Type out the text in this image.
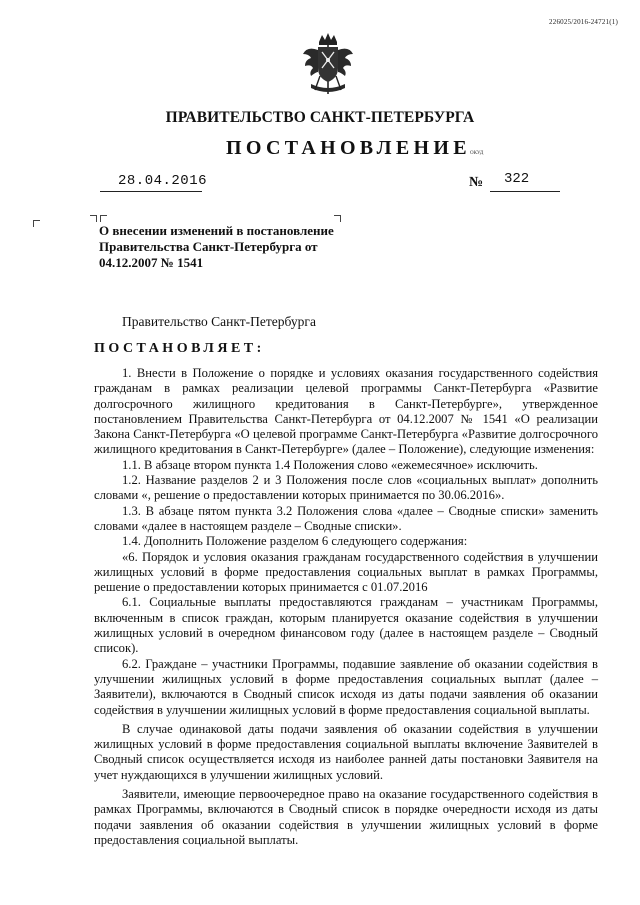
226025/2016-24721(1)
ПРАВИТЕЛЬСТВО САНКТ-ПЕТЕРБУРГА
ПОСТАНОВЛЕНИЕ ОКУД
28.04.2016	№ 322
О внесении изменений в постановление Правительства Санкт-Петербурга от 04.12.2007 № 1541
Правительство Санкт-Петербурга
ПОСТАНОВЛЯЕТ:

1. Внести в Положение о порядке и условиях оказания государственного содействия гражданам в рамках реализации целевой программы Санкт-Петербурга «Развитие долгосрочного жилищного кредитования в Санкт-Петербурге», утвержденное постановлением Правительства Санкт-Петербурга от 04.12.2007 № 1541 «О реализации Закона Санкт-Петербурга «О целевой программе Санкт-Петербурга «Развитие долгосрочного жилищного кредитования в Санкт-Петербурге» (далее – Положение), следующие изменения:

1.1. В абзаце втором пункта 1.4 Положения слово «ежемесячное» исключить.

1.2. Название разделов 2 и 3 Положения после слов «социальных выплат» дополнить словами «, решение о предоставлении которых принимается по 30.06.2016».

1.3. В абзаце пятом пункта 3.2 Положения слова «далее – Сводные списки» заменить словами «далее в настоящем разделе – Сводные списки».

1.4. Дополнить Положение разделом 6 следующего содержания:

«6. Порядок и условия оказания гражданам государственного содействия в улучшении жилищных условий в форме предоставления социальных выплат в рамках Программы, решение о предоставлении которых принимается с 01.07.2016

6.1. Социальные выплаты предоставляются гражданам – участникам Программы, включенным в список граждан, которым планируется оказание содействия в улучшении жилищных условий в очередном финансовом году (далее в настоящем разделе – Сводный список).

6.2. Граждане – участники Программы, подавшие заявление об оказании содействия в улучшении жилищных условий в форме предоставления социальных выплат (далее – Заявители), включаются в Сводный список исходя из даты подачи заявления об оказании содействия в улучшении жилищных условий в форме предоставления социальной выплаты.

В случае одинаковой даты подачи заявления об оказании содействия в улучшении жилищных условий в форме предоставления социальной выплаты включение Заявителей в Сводный список осуществляется исходя из наиболее ранней даты постановки Заявителя на учет нуждающихся в улучшении жилищных условий.

Заявители, имеющие первоочередное право на оказание государственного содействия в рамках Программы, включаются в Сводный список в порядке очередности исходя из даты подачи заявления об оказании содействия в улучшении жилищных условий в форме предоставления социальной выплаты.
